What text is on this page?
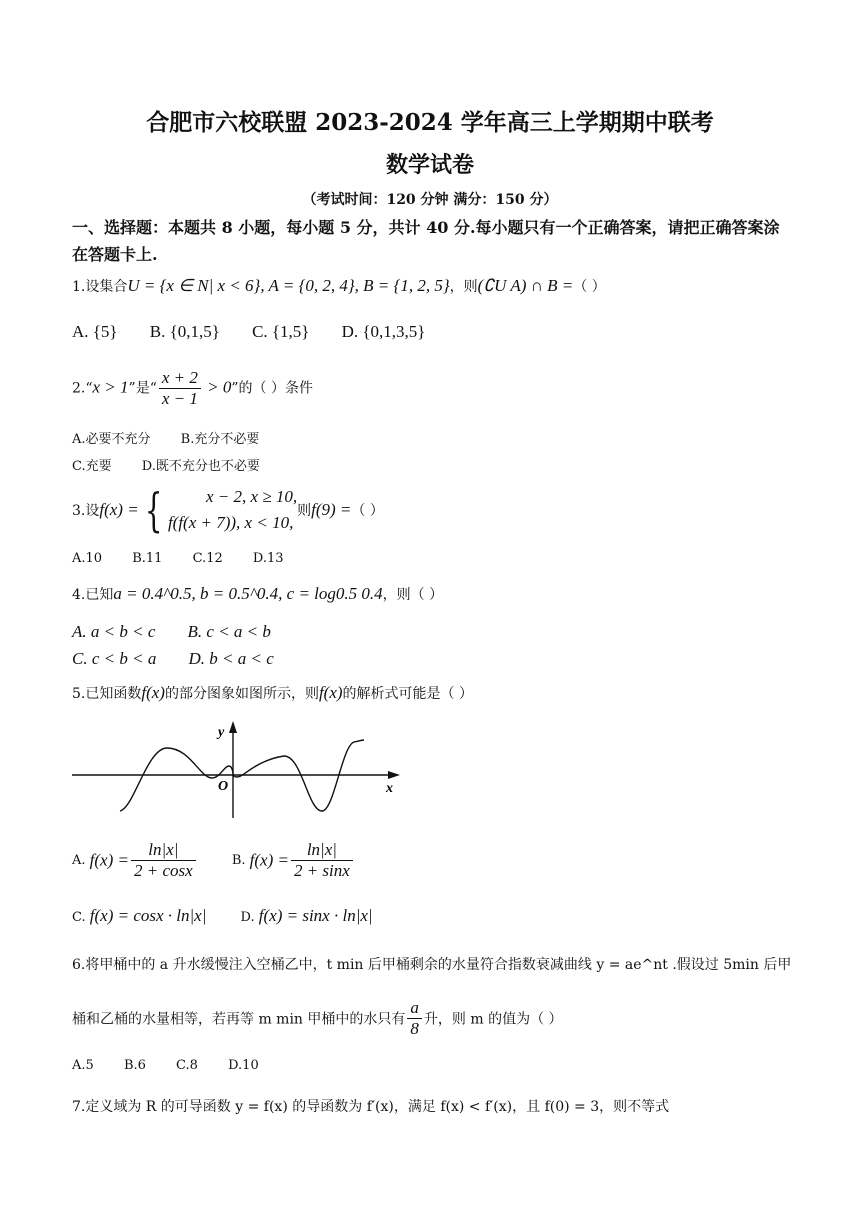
合肥市六校联盟 2023-2024 学年高三上学期期中联考
数学试卷
（考试时间：120 分钟 满分：150 分）
一、选择题：本题共 8 小题，每小题 5 分，共计 40 分.每小题只有一个正确答案，请把正确答案涂在答题卡上.
1.设集合U = {x ∈ N| x < 6}, A = {0, 2, 4}, B = {1, 2, 5}，则(∁U A) ∩ B =（ ）
A. {5} B. {0,1,5} C. {1,5} D. {0,1,3,5}
2.“x > 1”是“ $\frac{x + 2}{x - 1} > 0$”的（ ）条件
A.必要不充分 B.充分不必要
C.充要 D.既不充分也不必要
3.设f(x) = {	x − 2, x ≥ 10,
f(f(x + 7)), x < 10,
则f(9) =（ ）
A.10 B.11 C.12 D.13
4.已知a = 0.4^0.5, b = 0.5^0.4, c = log0.5 0.4，则（ ）
A. a < b < c B. c < a < b
C. c < b < a D. b < a < c
5.已知函数f(x)的部分图象如图所示，则f(x)的解析式可能是（ ）
y
x
O
A. $f(x) = \frac{\ln|x|}{2 + \cos x}$	B. $f(x) = \frac{\ln|x|}{2 + \sin x}$
C. f(x) = cosx · ln|x|	D. f(x) = sinx · ln|x|
6.将甲桶中的 a 升水缓慢注入空桶乙中，t min 后甲桶剩余的水量符合指数衰减曲线 y = ae^nt .假设过 5min 后甲
桶和乙桶的水量相等，若再等 m min 甲桶中的水只有 $\frac{a}{8}$ 升，则 m 的值为（ ）
A.5 B.6 C.8 D.10
7.定义域为 R 的可导函数 y = f(x) 的导函数为 f′(x)，满足 f(x) < f′(x)，且 f(0) = 3，则不等式
